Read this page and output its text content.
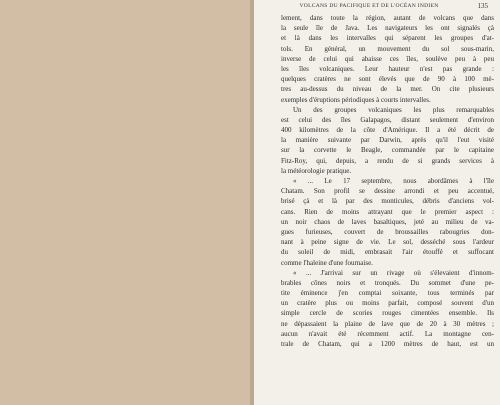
VOLCANS DU PACIFIQUE ET DE L'OCÉAN INDIEN	135
lement, dans toute la région, autant de volcans que dans
la seule île de Java. Les navigateurs les ont signalés çà
et là dans les intervalles qui séparent les groupes d'at-
tols. En général, un mouvement du sol sous-marin,
inverse de celui qui abaisse ces îles, soulève peu à peu
les îles volcaniques. Leur hauteur n'est pas grande :
quelques cratères ne sont élevés que de 90 à 100 mè-
tres au-dessus du niveau de la mer. On cite plusieurs
exemples d'éruptions périodiques à courts intervalles.
Un des groupes volcaniques les plus remarquables
est celui des îles Galapagos, distant seulement d'environ
400 kilomètres de la côte d'Amérique. Il a été décrit de
la manière suivante par Darwin, après qu'il l'eut visité
sur la corvette le Beagle, commandée par le capitaine
Fitz-Roy, qui, depuis, a rendu de si grands services à
la météorologie pratique.
« ... Le 17 septembre, nous abordâmes à l'île
Chatam. Son profil se dessine arrondi et peu accentué,
brisé çà et là par des monticules, débris d'anciens vol-
cans. Rien de moins attrayant que le premier aspect :
un noir chaos de laves basaltiques, jeté au milieu de va-
gues furieuses, couvert de broussailles rabougries don-
nant à peine signe de vie. Le sol, desséché sous l'ardeur
du soleil de midi, embrasait l'air étouffé et suffocant
comme l'haleine d'une fournaise.
« ... J'arrivai sur un rivage où s'élevaient d'innom-
brables cônes noirs et tronqués. Du sommet d'une pe-
tite éminence j'en comptai soixante, tous terminés par
un cratère plus ou moins parfait, composé souvent d'un
simple cercle de scories rouges cimentées ensemble. Ils
ne dépassaient la plaine de lave que de 20 à 30 mètres ;
aucun n'avait été récemment actif. La montagne cen-
trale de Chatam, qui a 1200 mètres de haut, est un
